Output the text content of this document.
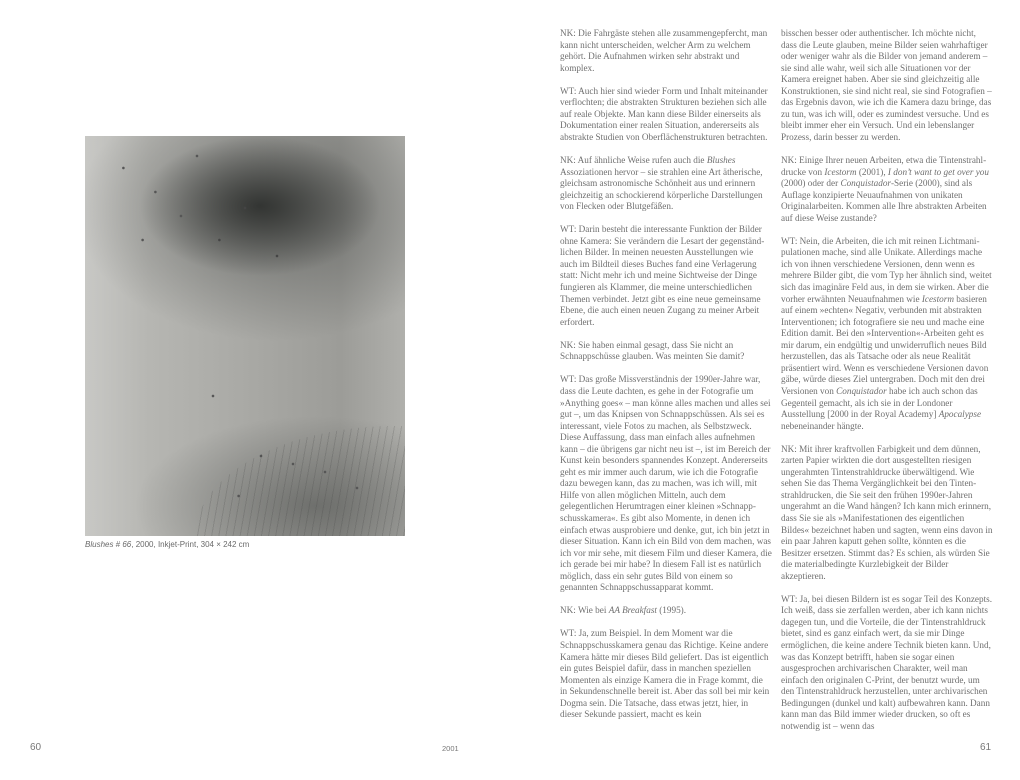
Blushes # 66, 2000, Inkjet-Print, 304 × 242 cm

NK: Die Fahrgäste stehen alle zusammengepfercht, man kann nicht unterscheiden, welcher Arm zu welchem gehört. Die Aufnahmen wirken sehr abstrakt und komplex.

WT: Auch hier sind wieder Form und Inhalt miteinander verflochten; die abstrakten Strukturen beziehen sich alle auf reale Objekte. Man kann diese Bilder einerseits als Dokumentation einer realen Situation, andererseits als abstrakte Studien von Oberflächenstrukturen betrachten.

NK: Auf ähnliche Weise rufen auch die Blushes Assoziationen hervor – sie strahlen eine Art ätherische, gleichsam astronomische Schönheit aus und erinnern gleichzeitig an schockierend körperliche Darstellungen von Flecken oder Blutgefäßen.

WT: Darin besteht die interessante Funktion der Bilder ohne Kamera: Sie verändern die Lesart der gegenständlichen Bilder. In meinen neuesten Ausstellungen wie auch im Bildteil dieses Buches fand eine Verlagerung statt: Nicht mehr ich und meine Sichtweise der Dinge fungieren als Klammer, die meine unterschiedlichen Themen verbindet. Jetzt gibt es eine neue gemeinsame Ebene, die auch einen neuen Zugang zu meiner Arbeit erfordert.

NK: Sie haben einmal gesagt, dass Sie nicht an Schnappschüsse glauben. Was meinten Sie damit?

WT: Das große Missverständnis der 1990er-Jahre war, dass die Leute dachten, es gehe in der Fotografie um »Anything goes« – man könne alles machen und alles sei gut –, um das Knipsen von Schnappschüssen. Als sei es interessant, viele Fotos zu machen, als Selbstzweck. Diese Auffassung, dass man einfach alles aufnehmen kann – die übrigens gar nicht neu ist –, ist im Bereich der Kunst kein besonders spannendes Konzept. Andererseits geht es mir immer auch darum, wie ich die Fotografie dazu bewegen kann, das zu machen, was ich will, mit Hilfe von allen möglichen Mitteln, auch dem gelegentlichen Herumtragen einer kleinen »Schnappschusskamera«. Es gibt also Momente, in denen ich einfach etwas ausprobiere und denke, gut, ich bin jetzt in dieser Situation. Kann ich ein Bild von dem machen, was ich vor mir sehe, mit diesem Film und dieser Kamera, die ich gerade bei mir habe? In diesem Fall ist es natürlich möglich, dass ein sehr gutes Bild von einem so genannten Schnappschussapparat kommt.

NK: Wie bei AA Breakfast (1995).

WT: Ja, zum Beispiel. In dem Moment war die Schnappschusskamera genau das Richtige. Keine andere Kamera hätte mir dieses Bild geliefert. Das ist eigentlich ein gutes Beispiel dafür, dass in manchen speziellen Momenten als einzige Kamera die in Frage kommt, die in Sekundenschnelle bereit ist. Aber das soll bei mir kein Dogma sein. Die Tatsache, dass etwas jetzt, hier, in dieser Sekunde passiert, macht es kein

bisschen besser oder authentischer. Ich möchte nicht, dass die Leute glauben, meine Bilder seien wahrhaftiger oder weniger wahr als die Bilder von jemand anderem – sie sind alle wahr, weil sich alle Situationen vor der Kamera ereignet haben. Aber sie sind gleichzeitig alle Konstruktionen, sie sind nicht real, sie sind Fotografien – das Ergebnis davon, wie ich die Kamera dazu bringe, das zu tun, was ich will, oder es zumindest versuche. Und es bleibt immer eher ein Versuch. Und ein lebenslanger Prozess, darin besser zu werden.

NK: Einige Ihrer neuen Arbeiten, etwa die Tintenstrahldrucke von Icestorm (2001), I don’t want to get over you (2000) oder der Conquistador-Serie (2000), sind als Auflage konzipierte Neuaufnahmen von unikaten Originalarbeiten. Kommen alle Ihre abstrakten Arbeiten auf diese Weise zustande?

WT: Nein, die Arbeiten, die ich mit reinen Lichtmanipulationen mache, sind alle Unikate. Allerdings mache ich von ihnen verschiedene Versionen, denn wenn es mehrere Bilder gibt, die vom Typ her ähnlich sind, weitet sich das imaginäre Feld aus, in dem sie wirken. Aber die vorher erwähnten Neuaufnahmen wie Icestorm basieren auf einem »echten« Negativ, verbunden mit abstrakten Interventionen; ich fotografiere sie neu und mache eine Edition damit. Bei den »Intervention«-Arbeiten geht es mir darum, ein endgültig und unwiderruflich neues Bild herzustellen, das als Tatsache oder als neue Realität präsentiert wird. Wenn es verschiedene Versionen davon gäbe, würde dieses Ziel untergraben. Doch mit den drei Versionen von Conquistador habe ich auch schon das Gegenteil gemacht, als ich sie in der Londoner Ausstellung [2000 in der Royal Academy] Apocalypse nebeneinander hängte.

NK: Mit ihrer kraftvollen Farbigkeit und dem dünnen, zarten Papier wirkten die dort ausgestellten riesigen ungerahmten Tintenstrahldrucke überwältigend. Wie sehen Sie das Thema Vergänglichkeit bei den Tintenstrahldrucken, die Sie seit den frühen 1990er-Jahren ungerahmt an die Wand hängen? Ich kann mich erinnern, dass Sie sie als »Manifestationen des eigentlichen Bildes« bezeichnet haben und sagten, wenn eins davon in ein paar Jahren kaputt gehen sollte, könnten es die Besitzer ersetzen. Stimmt das? Es schien, als würden Sie die materialbedingte Kurzlebigkeit der Bilder akzeptieren.

WT: Ja, bei diesen Bildern ist es sogar Teil des Konzepts. Ich weiß, dass sie zerfallen werden, aber ich kann nichts dagegen tun, und die Vorteile, die der Tintenstrahldruck bietet, sind es ganz einfach wert, da sie mir Dinge ermöglichen, die keine andere Technik bieten kann. Und, was das Konzept betrifft, haben sie sogar einen ausgesprochen archivarischen Charakter, weil man einfach den originalen C-Print, der benutzt wurde, um den Tintenstrahldruck herzustellen, unter archivarischen Bedingungen (dunkel und kalt) aufbewahren kann. Dann kann man das Bild immer wieder drucken, so oft es notwendig ist – wenn das

60	2001	61
